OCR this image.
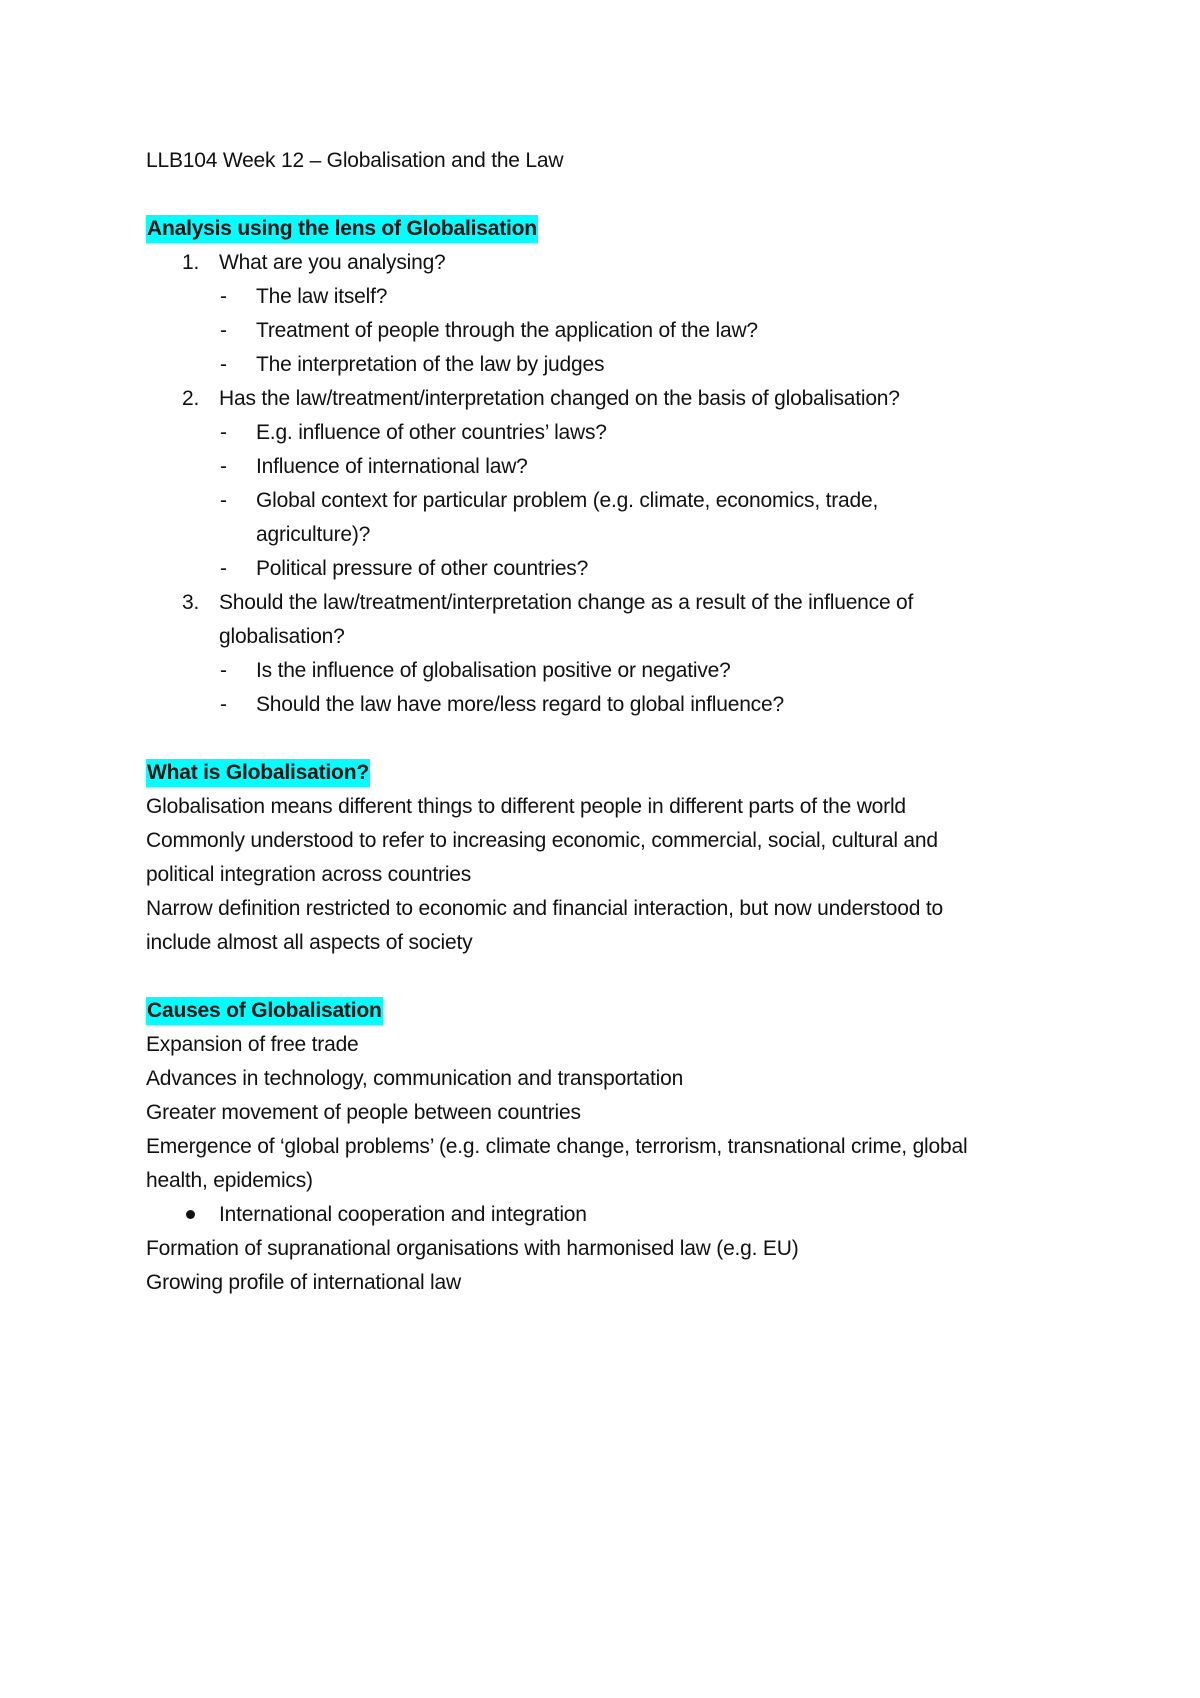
LLB104 Week 12 – Globalisation and the Law
Analysis using the lens of Globalisation
1. What are you analysing?
- The law itself?
- Treatment of people through the application of the law?
- The interpretation of the law by judges
2. Has the law/treatment/interpretation changed on the basis of globalisation?
- E.g. influence of other countries’ laws?
- Influence of international law?
- Global context for particular problem (e.g. climate, economics, trade,
agriculture)?
- Political pressure of other countries?
3. Should the law/treatment/interpretation change as a result of the influence of
globalisation?
- Is the influence of globalisation positive or negative?
- Should the law have more/less regard to global influence?
What is Globalisation?
Globalisation means different things to different people in different parts of the world
Commonly understood to refer to increasing economic, commercial, social, cultural and
political integration across countries
Narrow definition restricted to economic and financial interaction, but now understood to
include almost all aspects of society
Causes of Globalisation
Expansion of free trade
Advances in technology, communication and transportation
Greater movement of people between countries
Emergence of ‘global problems’ (e.g. climate change, terrorism, transnational crime, global
health, epidemics)
International cooperation and integration
Formation of supranational organisations with harmonised law (e.g. EU)
Growing profile of international law
